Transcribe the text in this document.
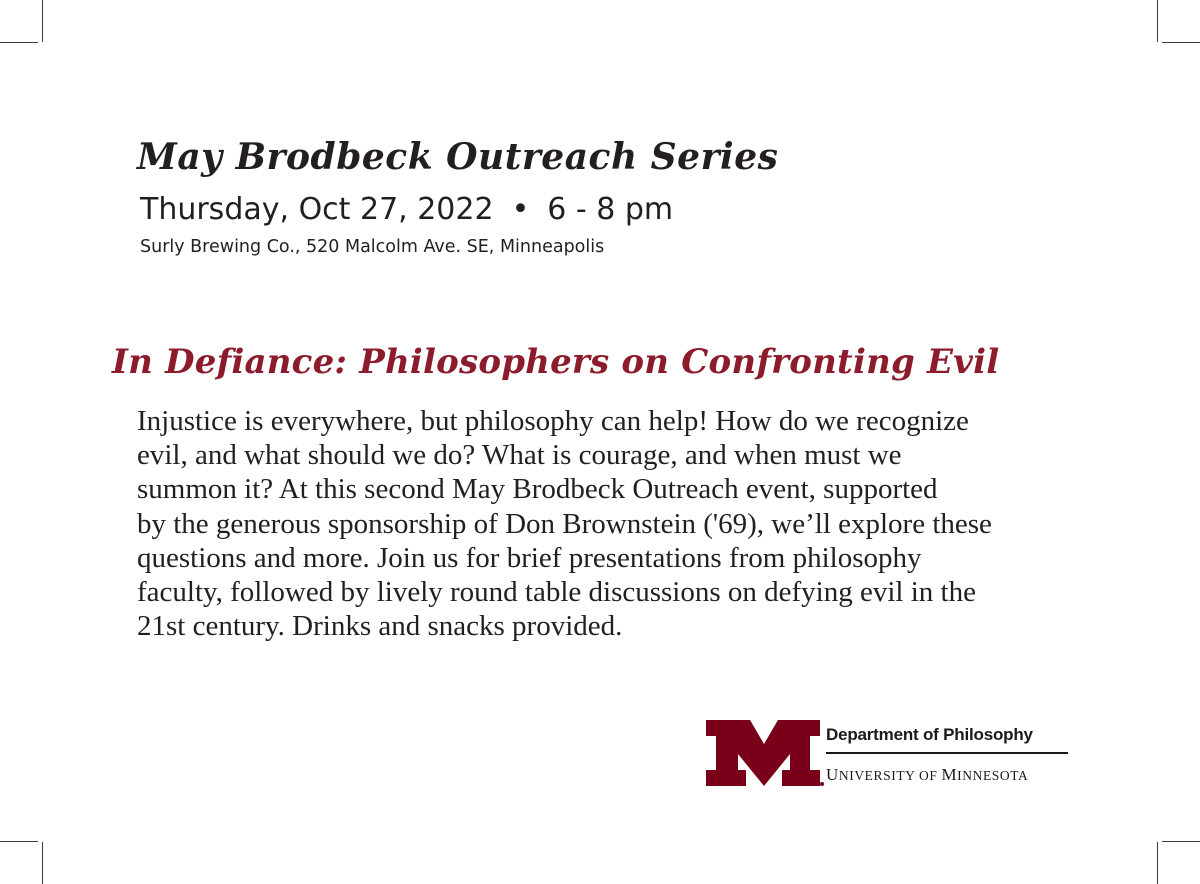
May Brodbeck Outreach Series

Thursday, Oct 27, 2022 • 6 - 8 pm

Surly Brewing Co., 520 Malcolm Ave. SE, Minneapolis

In Defiance: Philosophers on Confronting Evil
Injustice is everywhere, but philosophy can help! How do we recognize
evil, and what should we do? What is courage, and when must we
summon it? At this second May Brodbeck Outreach event, supported
by the generous sponsorship of Don Brownstein ('69), we’ll explore these
questions and more. Join us for brief presentations from philosophy
faculty, followed by lively round table discussions on defying evil in the
21st century. Drinks and snacks provided.

Department of Philosophy

UNIVERSITY OF MINNESOTA
